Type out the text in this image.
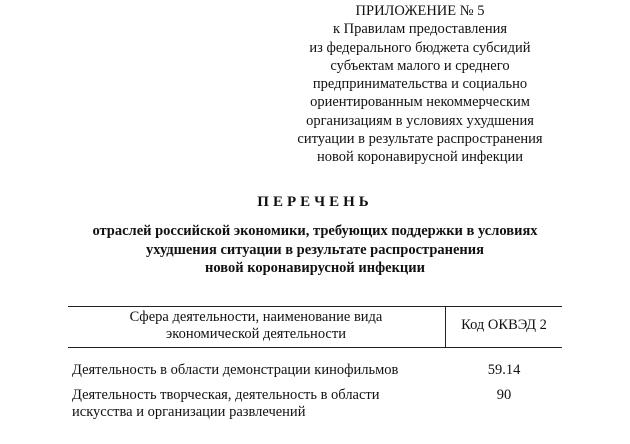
ПРИЛОЖЕНИЕ № 5
к Правилам предоставления
из федерального бюджета субсидий
субъектам малого и среднего
предпринимательства и социально
ориентированным некоммерческим
организациям в условиях ухудшения
ситуации в результате распространения
новой коронавирусной инфекции
ПЕРЕЧЕНЬ
отраслей российской экономики, требующих поддержки в условиях
ухудшения ситуации в результате распространения
новой коронавирусной инфекции
Сфера деятельности, наименование вида
экономической деятельности
Код ОКВЭД 2
Деятельность в области демонстрации кинофильмов	59.14
Деятельность творческая, деятельность в области
искусства и организации развлечений
90
